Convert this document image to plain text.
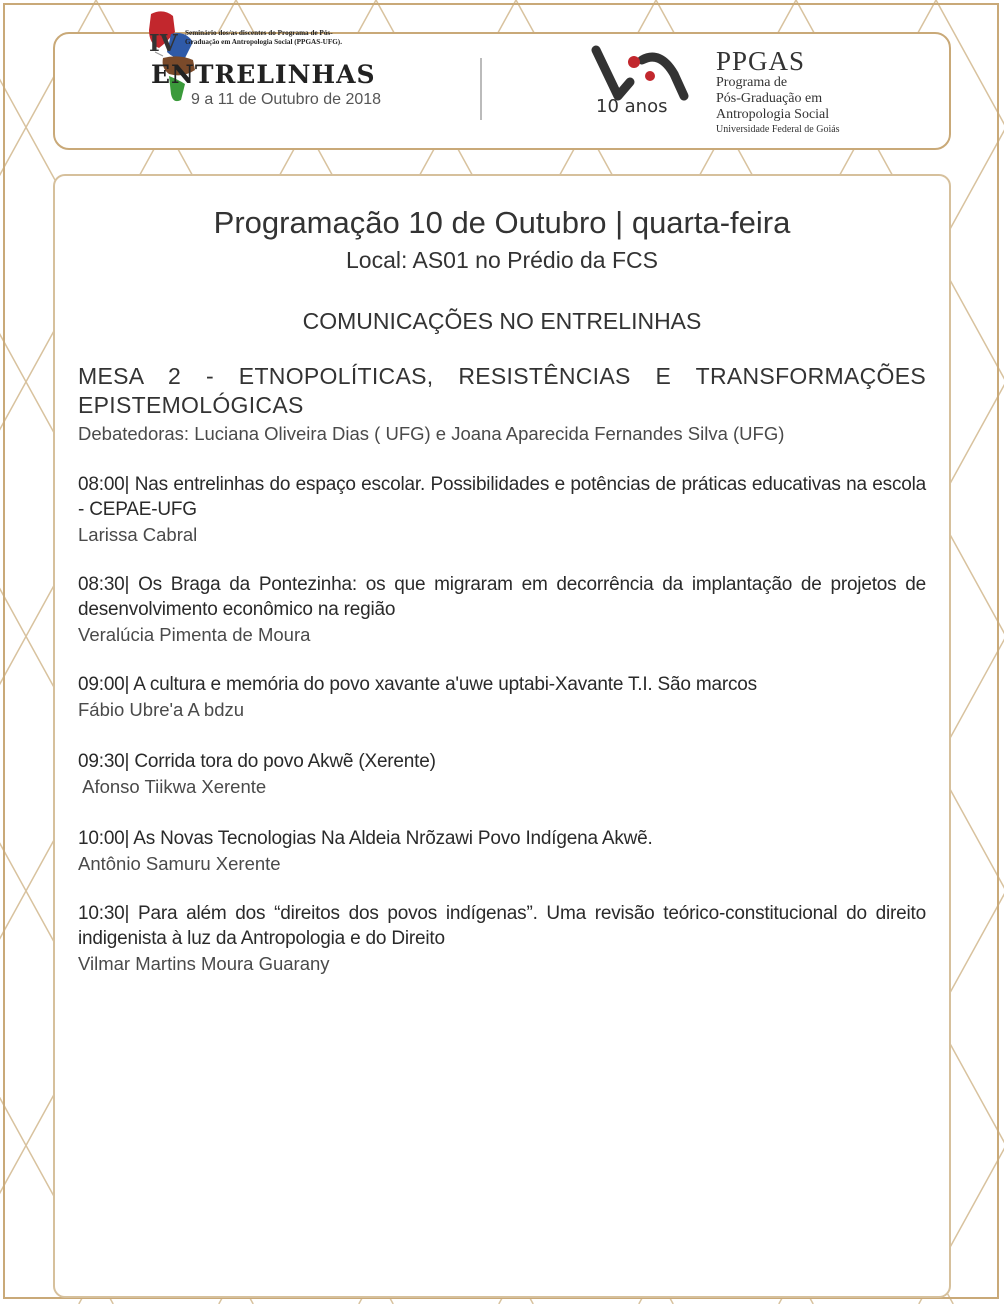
IV Seminário dos/as discentes do Programa de Pós-Graduação em Antropologia Social (PPGAS-UFG).
ENTRELINHAS
9 a 11 de Outubro de 2018	10 anos
PPGAS
Programa de
Pós-Graduação em
Antropologia Social
Universidade Federal de Goiás
Programação 10 de Outubro | quarta-feira
Local: AS01 no Prédio da FCS
COMUNICAÇÕES NO ENTRELINHAS
MESA 2 - ETNOPOLÍTICAS, RESISTÊNCIAS E TRANSFORMAÇÕES EPISTEMOLÓGICAS
Debatedoras: Luciana Oliveira Dias ( UFG) e Joana Aparecida Fernandes Silva (UFG)
08:00| Nas entrelinhas do espaço escolar. Possibilidades e potências de práticas educativas na escola - CEPAE-UFG
Larissa Cabral
08:30| Os Braga da Pontezinha: os que migraram em decorrência da implantação de projetos de desenvolvimento econômico na região
Veralúcia Pimenta de Moura
09:00| A cultura e memória do povo xavante a'uwe uptabi-Xavante T.I. São marcos
Fábio Ubre'a A bdzu
09:30| Corrida tora do povo Akwẽ (Xerente)
Afonso Tiikwa Xerente
10:00| As Novas Tecnologias Na Aldeia Nrõzawi Povo Indígena Akwẽ.
Antônio Samuru Xerente
10:30| Para além dos “direitos dos povos indígenas”. Uma revisão teórico-constitucional do direito indigenista à luz da Antropologia e do Direito
Vilmar Martins Moura Guarany
